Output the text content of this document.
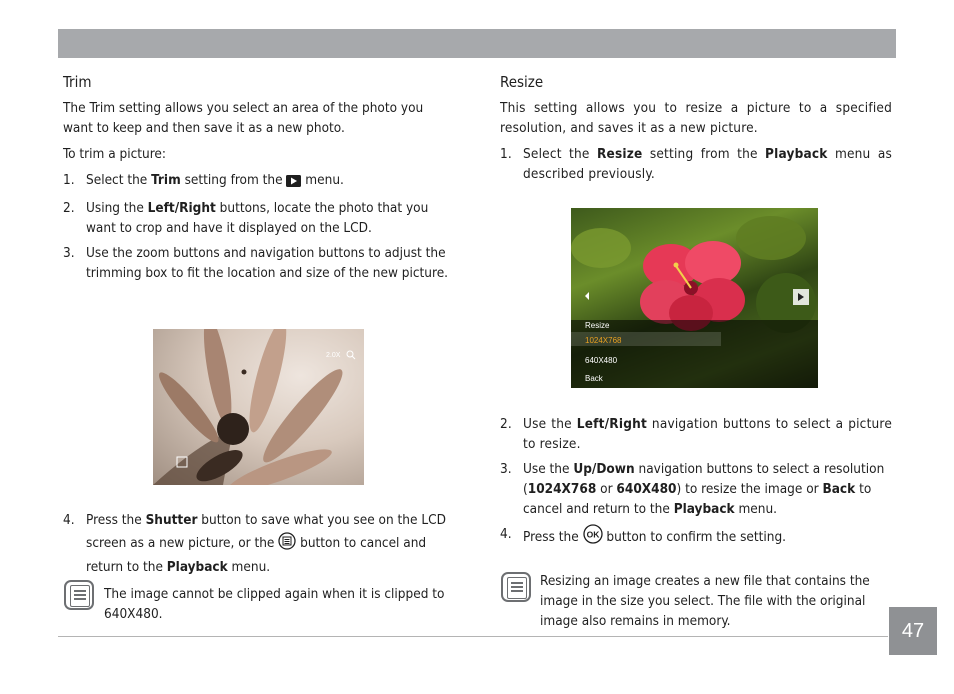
Trim

The Trim setting allows you select an area of the photo you want to keep and then save it as a new photo.

To trim a picture:

1. Select the Trim setting from the  menu.
2. Using the Left/Right buttons, locate the photo that you want to crop and have it displayed on the LCD.
3. Use the zoom buttons and navigation buttons to adjust the trimming box to fit the location and size of the new picture.
2.0X
4. Press the Shutter button to save what you see on the LCD screen as a new picture, or the  button to cancel and return to the Playback menu.
The image cannot be clipped again when it is clipped to 640X480.
Resize

This setting allows you to resize a picture to a specified resolution, and saves it as a new picture.

1. Select the Resize setting from the Playback menu as described previously.
Resize
1024X768
640X480
Back
2. Use the Left/Right navigation buttons to select a picture to resize.
3. Use the Up/Down navigation buttons to select a resolution (1024X768 or 640X480) to resize the image or Back to cancel and return to the Playback menu.
4. Press the OK button to confirm the setting.
Resizing an image creates a new file that contains the image in the size you select. The file with the original image also remains in memory.	47
